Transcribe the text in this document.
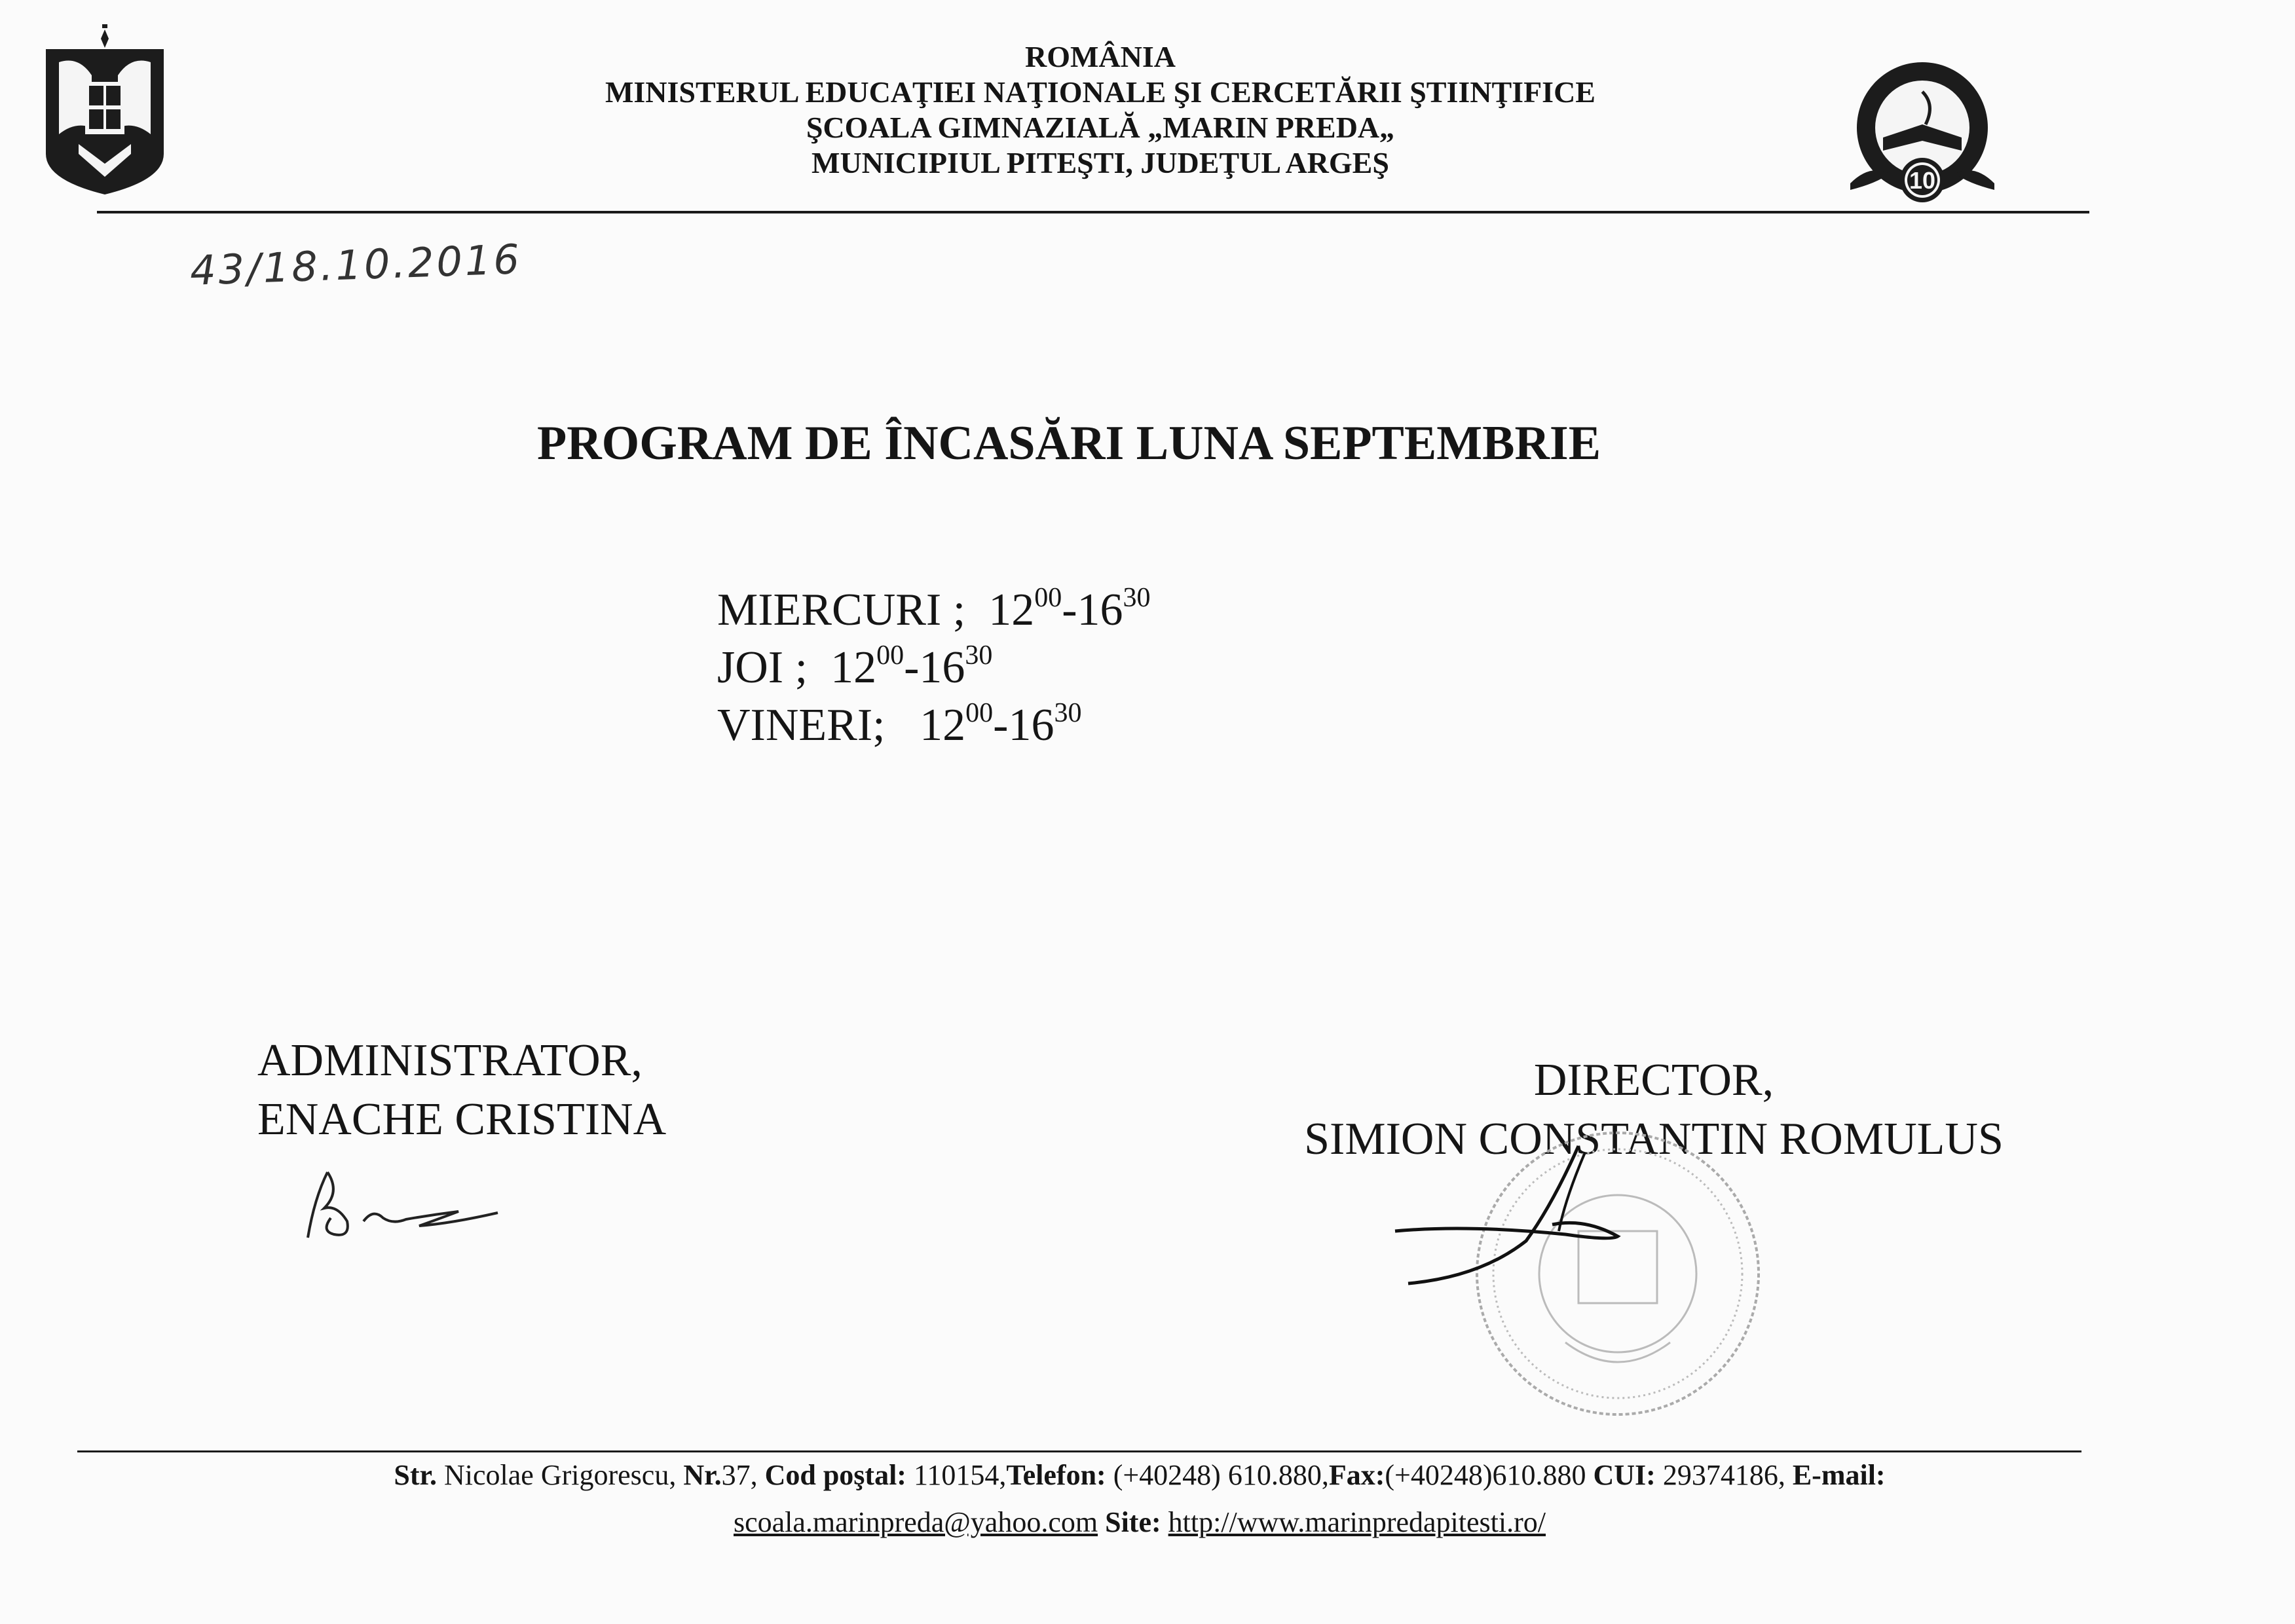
ROMÂNIA
MINISTERUL EDUCAŢIEI NAŢIONALE ŞI CERCETĂRII ŞTIINŢIFICE
ŞCOALA GIMNAZIALĂ „MARIN PREDA„
MUNICIPIUL PITEŞTI, JUDEŢUL ARGEŞ
10
43/18.10.2016
PROGRAM DE ÎNCASĂRI LUNA SEPTEMBRIE
MIERCURI ; $12^{00}-16^{30}$
JOI ; $12^{00}-16^{30}$
VINERI; $12^{00}-16^{30}$
ADMINISTRATOR,
ENACHE CRISTINA
DIRECTOR,
SIMION CONSTANTIN ROMULUS
Str. Nicolae Grigorescu, Nr.37, Cod poştal: 110154,Telefon: (+40248) 610.880,Fax:(+40248)610.880 CUI: 29374186, E-mail:
scoala.marinpreda@yahoo.com Site: http://www.marinpredapitesti.ro/
